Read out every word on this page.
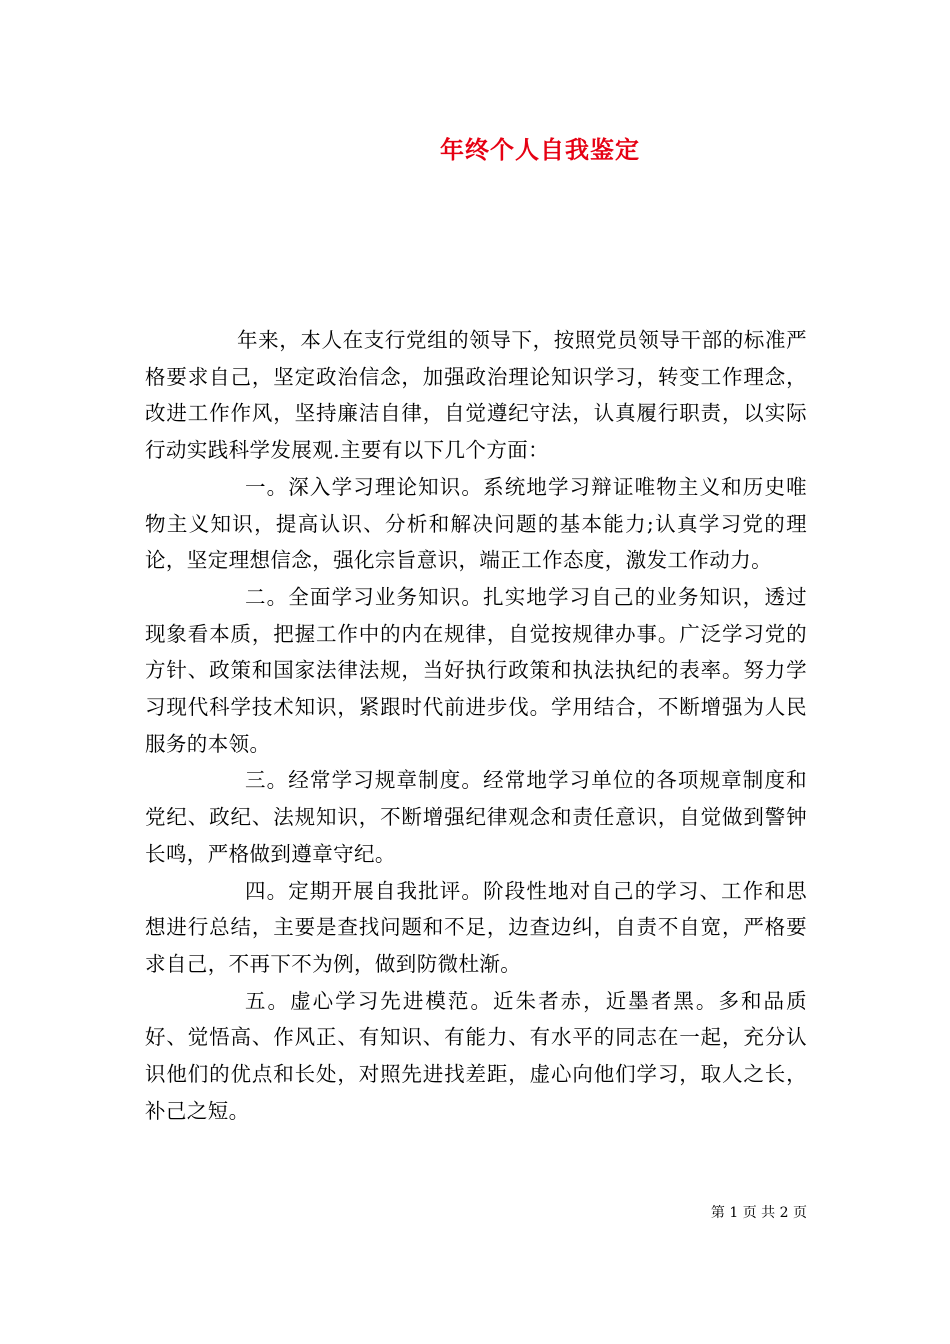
年终个人自我鉴定

年来，本人在支行党组的领导下，按照党员领导干部的标准严格要求自己，坚定政治信念，加强政治理论知识学习，转变工作理念，改进工作作风，坚持廉洁自律，自觉遵纪守法，认真履行职责，以实际行动实践科学发展观.主要有以下几个方面：

一。深入学习理论知识。系统地学习辩证唯物主义和历史唯物主义知识，提高认识、分析和解决问题的基本能力;认真学习党的理论，坚定理想信念，强化宗旨意识，端正工作态度，激发工作动力。

二。全面学习业务知识。扎实地学习自己的业务知识，透过现象看本质，把握工作中的内在规律，自觉按规律办事。广泛学习党的方针、政策和国家法律法规，当好执行政策和执法执纪的表率。努力学习现代科学技术知识，紧跟时代前进步伐。学用结合，不断增强为人民服务的本领。

三。经常学习规章制度。经常地学习单位的各项规章制度和党纪、政纪、法规知识，不断增强纪律观念和责任意识，自觉做到警钟长鸣，严格做到遵章守纪。

四。定期开展自我批评。阶段性地对自己的学习、工作和思想进行总结，主要是查找问题和不足，边查边纠，自责不自宽，严格要求自己，不再下不为例，做到防微杜渐。

五。虚心学习先进模范。近朱者赤，近墨者黑。多和品质好、觉悟高、作风正、有知识、有能力、有水平的同志在一起，充分认识他们的优点和长处，对照先进找差距，虚心向他们学习，取人之长，补己之短。

第 1 页 共 2 页
